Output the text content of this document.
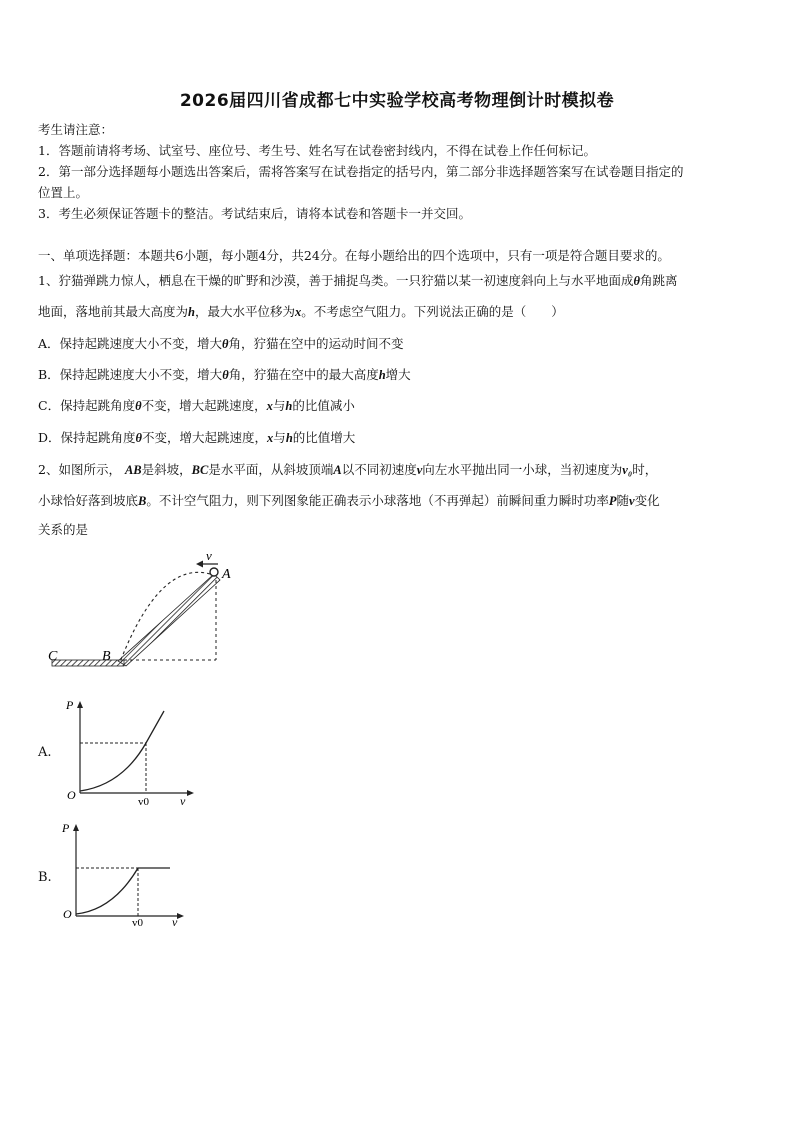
2026届四川省成都七中实验学校高考物理倒计时模拟卷
考生请注意：
1．答题前请将考场、试室号、座位号、考生号、姓名写在试卷密封线内，不得在试卷上作任何标记。
2．第一部分选择题每小题选出答案后，需将答案写在试卷指定的括号内，第二部分非选择题答案写在试卷题目指定的
位置上。
3．考生必须保证答题卡的整洁。考试结束后，请将本试卷和答题卡一并交回。
一、单项选择题：本题共6小题，每小题4分，共24分。在每小题给出的四个选项中，只有一项是符合题目要求的。
1、狞猫弹跳力惊人，栖息在干燥的旷野和沙漠，善于捕捉鸟类。一只狞猫以某一初速度斜向上与水平地面成θ角跳离
地面，落地前其最大高度为h，最大水平位移为x。不考虑空气阻力。下列说法正确的是（　　）
A．保持起跳速度大小不变，增大θ角，狞猫在空中的运动时间不变
B．保持起跳速度大小不变，增大θ角，狞猫在空中的最大高度h增大
C．保持起跳角度θ不变，增大起跳速度，x与h的比值减小
D．保持起跳角度θ不变，增大起跳速度，x与h的比值增大
2、如图所示， AB是斜坡，BC是水平面，从斜坡顶端A以不同初速度v向左水平抛出同一小球，当初速度为v₀时，
小球恰好落到坡底B。不计空气阻力，则下列图象能正确表示小球落地（不再弹起）前瞬间重力瞬时功率P随v变化
关系的是
v
A
B
C
A.
P
O	v0	v
B.
P
O
v0 v
